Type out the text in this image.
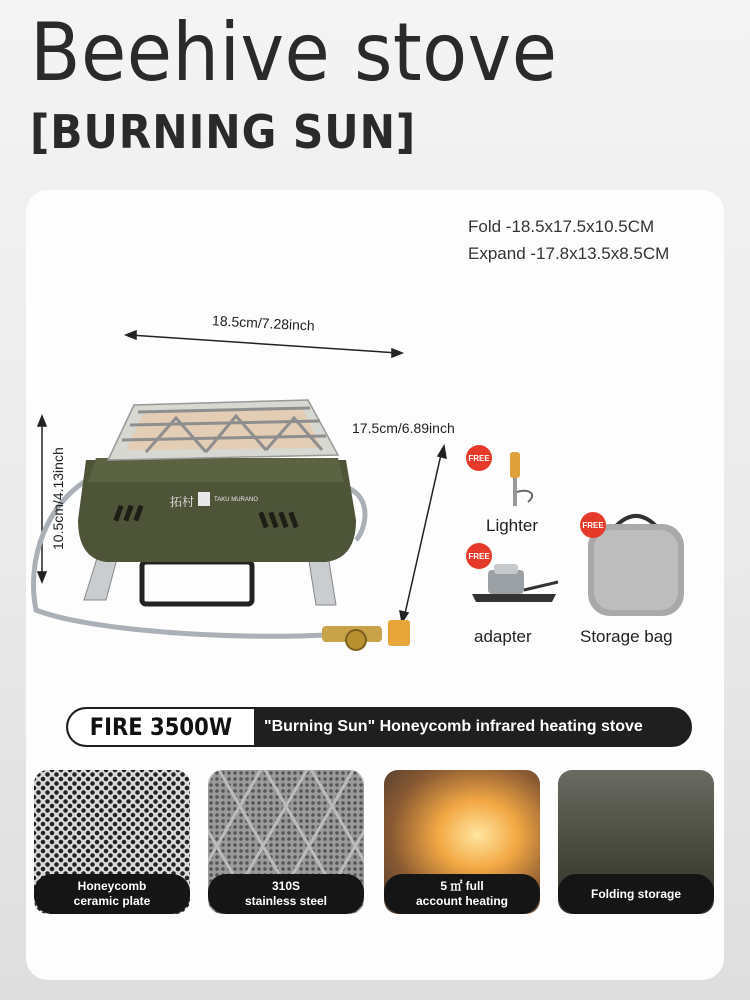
Beehive stove
[BURNING SUN]
Fold -18.5x17.5x10.5CM
Expand -17.8x13.5x8.5CM
拓村	TAKU MURANO
18.5cm/7.28inch
17.5cm/6.89inch
10.5cm/4.13inch	FREE
Lighter
FREE
adapter
FREE
Storage bag
FIRE 3500W "Burning Sun" Honeycomb infrared heating stove
Honeycomb
ceramic plate
310S
stainless steel
5 ㎡ full
account heating
Folding storage
